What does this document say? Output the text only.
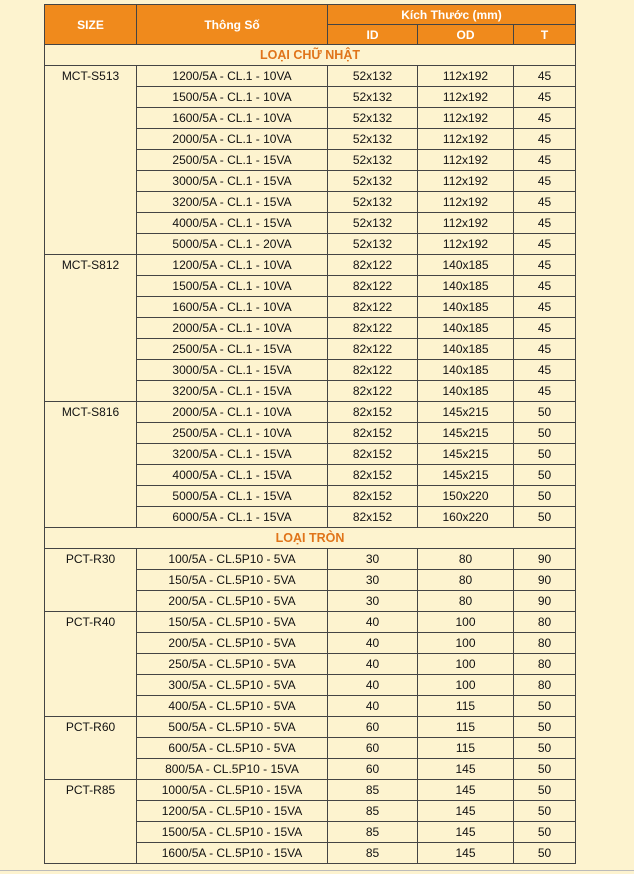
SIZE	Thông Số	Kích Thước (mm)		
		ID	OD	T
LOẠI CHỮ NHẬT				
MCT-S513	1200/5A - CL.1 - 10VA	52x132	112x192	45
	1500/5A - CL.1 - 10VA	52x132	112x192	45
	1600/5A - CL.1 - 10VA	52x132	112x192	45
	2000/5A - CL.1 - 10VA	52x132	112x192	45
	2500/5A - CL.1 - 15VA	52x132	112x192	45
	3000/5A - CL.1 - 15VA	52x132	112x192	45
	3200/5A - CL.1 - 15VA	52x132	112x192	45
	4000/5A - CL.1 - 15VA	52x132	112x192	45
	5000/5A - CL.1 - 20VA	52x132	112x192	45
MCT-S812	1200/5A - CL.1 - 10VA	82x122	140x185	45
	1500/5A - CL.1 - 10VA	82x122	140x185	45
	1600/5A - CL.1 - 10VA	82x122	140x185	45
	2000/5A - CL.1 - 10VA	82x122	140x185	45
	2500/5A - CL.1 - 15VA	82x122	140x185	45
	3000/5A - CL.1 - 15VA	82x122	140x185	45
	3200/5A - CL.1 - 15VA	82x122	140x185	45
MCT-S816	2000/5A - CL.1 - 10VA	82x152	145x215	50
	2500/5A - CL.1 - 10VA	82x152	145x215	50
	3200/5A - CL.1 - 15VA	82x152	145x215	50
	4000/5A - CL.1 - 15VA	82x152	145x215	50
	5000/5A - CL.1 - 15VA	82x152	150x220	50
	6000/5A - CL.1 - 15VA	82x152	160x220	50
LOẠI TRÒN				
PCT-R30	100/5A - CL.5P10 - 5VA	30	80	90
	150/5A - CL.5P10 - 5VA	30	80	90
	200/5A - CL.5P10 - 5VA	30	80	90
PCT-R40	150/5A - CL.5P10 - 5VA	40	100	80
	200/5A - CL.5P10 - 5VA	40	100	80
	250/5A - CL.5P10 - 5VA	40	100	80
	300/5A - CL.5P10 - 5VA	40	100	80
	400/5A - CL.5P10 - 5VA	40	115	50
PCT-R60	500/5A - CL.5P10 - 5VA	60	115	50
	600/5A - CL.5P10 - 5VA	60	115	50
	800/5A - CL.5P10 - 15VA	60	145	50
PCT-R85	1000/5A - CL.5P10 - 15VA	85	145	50
	1200/5A - CL.5P10 - 15VA	85	145	50
	1500/5A - CL.5P10 - 15VA	85	145	50
	1600/5A - CL.5P10 - 15VA	85	145	50
